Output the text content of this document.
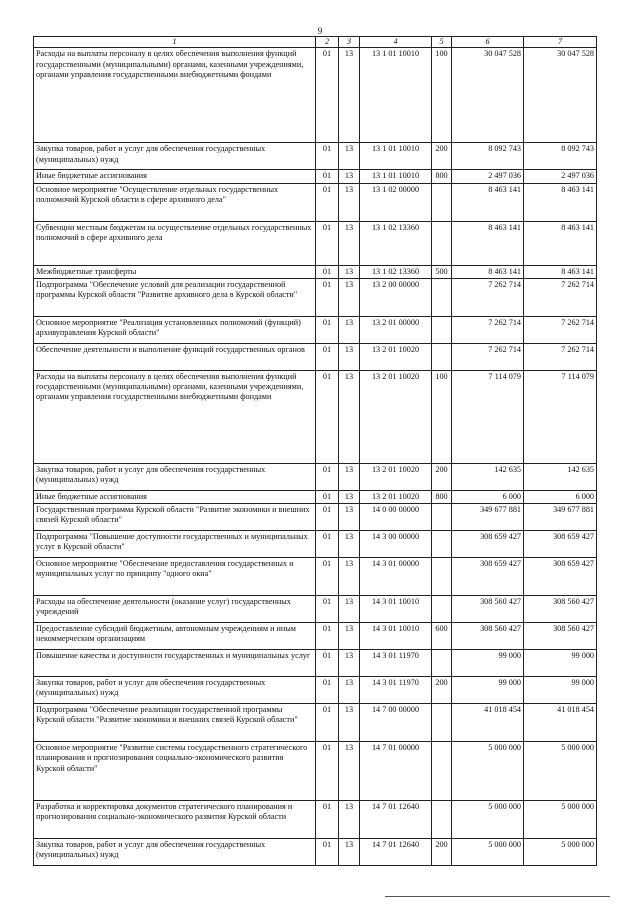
9
1	2	3	4	5	6	7
Расходы на выплаты персоналу в целях обеспечения выполнения функций государственными (муниципальными) органами, казенными учреждениями, органами управления государственными внебюджетными фондами	01	13	13 1 01 10010	100	30 047 528	30 047 528
Закупка товаров, работ и услуг для обеспечения государственных (муниципальных) нужд	01	13	13 1 01 10010	200	8 092 743	8 092 743
Иные бюджетные ассигнования	01	13	13 1 01 10010	800	2 497 036	2 497 036
Основное мероприятие "Осуществление отдельных государственных полномочий Курской области в сфере архивного дела"	01	13	13 1 02 00000		8 463 141	8 463 141
Субвенции местным бюджетам на осуществление отдельных государственных полномочий в сфере архивного дела	01	13	13 1 02 13360		8 463 141	8 463 141
Межбюджетные трансферты	01	13	13 1 02 13360	500	8 463 141	8 463 141
Подпрограмма "Обеспечение условий для реализации государственной программы Курской области "Развитие архивного дела в Курской области"	01	13	13 2 00 00000		7 262 714	7 262 714
Основное мероприятие "Реализация установленных полномочий (функций) архивуправления Курской области"	01	13	13 2 01 00000		7 262 714	7 262 714
Обеспечение деятельности и выполнение функций государственных органов	01	13	13 2 01 10020		7 262 714	7 262 714
Расходы на выплаты персоналу в целях обеспечения выполнения функций государственными (муниципальными) органами, казенными учреждениями, органами управления государственными внебюджетными фондами	01	13	13 2 01 10020	100	7 114 079	7 114 079
Закупка товаров, работ и услуг для обеспечения государственных (муниципальных) нужд	01	13	13 2 01 10020	200	142 635	142 635
Иные бюджетные ассигнования	01	13	13 2 01 10020	800	6 000	6 000
Государственная программа Курской области "Развитие экономики и внешних связей Курской области"	01	13	14 0 00 00000		349 677 881	349 677 881
Подпрограмма "Повышение доступности государственных и муниципальных услуг в Курской области"	01	13	14 3 00 00000		308 659 427	308 659 427
Основное мероприятие "Обеспечение предоставления государственных и муниципальных услуг по принципу "одного окна"	01	13	14 3 01 00000		308 659 427	308 659 427
Расходы на обеспечение деятельности (оказание услуг) государственных учреждений	01	13	14 3 01 10010		308 560 427	308 560 427
Предоставление субсидий бюджетным, автономным учреждениям и иным некоммерческим организациям	01	13	14 3 01 10010	600	308 560 427	308 560 427
Повышение качества и доступности государственных и муниципальных услуг	01	13	14 3 01 11970		99 000	99 000
Закупка товаров, работ и услуг для обеспечения государственных (муниципальных) нужд	01	13	14 3 01 11970	200	99 000	99 000
Подпрограмма "Обеспечение реализации государственной программы Курской области "Развитие экономики и внешних связей Курской области"	01	13	14 7 00 00000		41 018 454	41 018 454
Основное мероприятие "Развитие системы государственного стратегического планирования и прогнозирования социально-экономического развития Курской области"	01	13	14 7 01 00000		5 000 000	5 000 000
Разработка и корректировка документов стратегического планирования и прогнозирования социально-экономического развития Курской области	01	13	14 7 01 12640		5 000 000	5 000 000
Закупка товаров, работ и услуг для обеспечения государственных (муниципальных) нужд	01	13	14 7 01 12640	200	5 000 000	5 000 000
